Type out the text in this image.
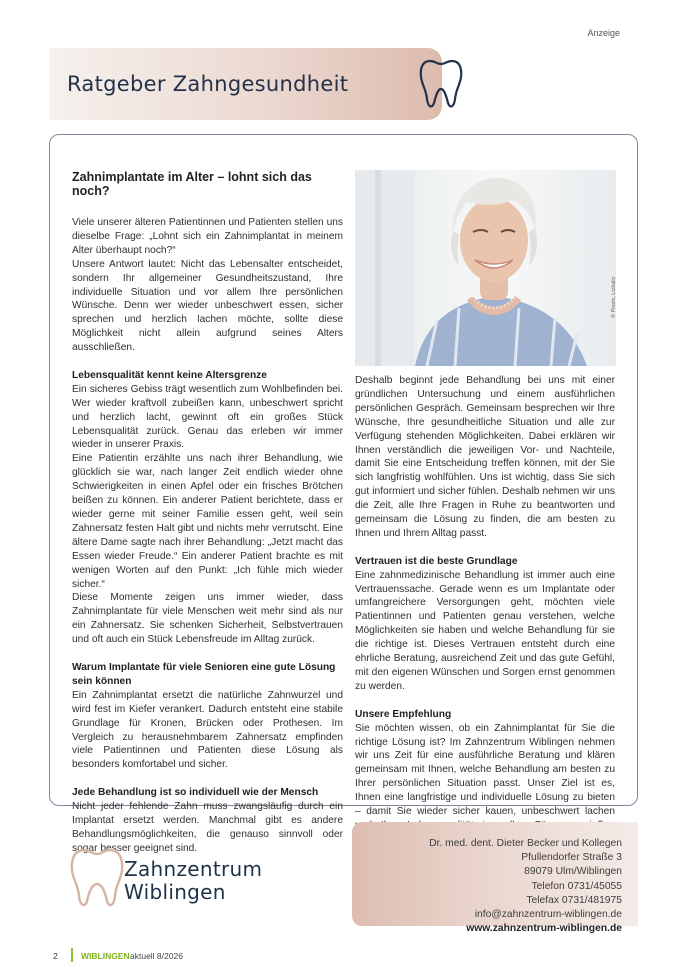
Anzeige
Ratgeber Zahngesundheit
Zahnimplantate im Alter – lohnt sich das noch?
Viele unserer älteren Patientinnen und Patienten stellen uns dieselbe Frage: „Lohnt sich ein Zahnimplantat in meinem Alter überhaupt noch?“
Unsere Antwort lautet: Nicht das Lebensalter entscheidet, sondern Ihr allgemeiner Gesundheitszustand, Ihre individuelle Situation und vor allem Ihre persönlichen Wünsche. Denn wer wieder unbeschwert essen, sicher sprechen und herzlich lachen möchte, sollte diese Möglichkeit nicht allein aufgrund seines Alters ausschließen.
Lebensqualität kennt keine Altersgrenze
Ein sicheres Gebiss trägt wesentlich zum Wohlbefinden bei. Wer wieder kraftvoll zubeißen kann, unbeschwert spricht und herzlich lacht, gewinnt oft ein großes Stück Lebensqualität zurück. Genau das erleben wir immer wieder in unserer Praxis.
Eine Patientin erzählte uns nach ihrer Behandlung, wie glücklich sie war, nach langer Zeit endlich wieder ohne Schwierigkeiten in einen Apfel oder ein frisches Brötchen beißen zu können. Ein anderer Patient berichtete, dass er wieder gerne mit seiner Familie essen geht, weil sein Zahnersatz festen Halt gibt und nichts mehr verrutscht. Eine ältere Dame sagte nach ihrer Behandlung: „Jetzt macht das Essen wieder Freude.“ Ein anderer Patient brachte es mit wenigen Worten auf den Punkt: „Ich fühle mich wieder sicher.“
Diese Momente zeigen uns immer wieder, dass Zahnimplantate für viele Menschen weit mehr sind als nur ein Zahnersatz. Sie schenken Sicherheit, Selbstvertrauen und oft auch ein Stück Lebensfreude im Alltag zurück.
Warum Implantate für viele Senioren eine gute Lösung sein können
Ein Zahnimplantat ersetzt die natürliche Zahnwurzel und wird fest im Kiefer verankert. Dadurch entsteht eine stabile Grundlage für Kronen, Brücken oder Prothesen. Im Vergleich zu herausnehmbarem Zahnersatz empfinden viele Patientinnen und Patienten diese Lösung als besonders komfortabel und sicher.
Jede Behandlung ist so individuell wie der Mensch
Nicht jeder fehlende Zahn muss zwangsläufig durch ein Implantat ersetzt werden. Manchmal gibt es andere Behandlungsmöglichkeiten, die genauso sinnvoll oder sogar besser geeignet sind.
© Pixels, Lizkaliz
Deshalb beginnt jede Behandlung bei uns mit einer gründlichen Untersuchung und einem ausführlichen persönlichen Gespräch. Gemeinsam besprechen wir Ihre Wünsche, Ihre gesundheitliche Situation und alle zur Verfügung stehenden Möglichkeiten. Dabei erklären wir Ihnen verständlich die jeweiligen Vor- und Nachteile, damit Sie eine Entscheidung treffen können, mit der Sie sich langfristig wohlfühlen. Uns ist wichtig, dass Sie sich gut informiert und sicher fühlen. Deshalb nehmen wir uns die Zeit, alle Ihre Fragen in Ruhe zu beantworten und gemeinsam die Lösung zu finden, die am besten zu Ihnen und Ihrem Alltag passt.
Vertrauen ist die beste Grundlage
Eine zahnmedizinische Behandlung ist immer auch eine Vertrauenssache. Gerade wenn es um Implantate oder umfangreichere Versorgungen geht, möchten viele Patientinnen und Patienten genau verstehen, welche Möglichkeiten sie haben und welche Behandlung für sie die richtige ist. Dieses Vertrauen entsteht durch eine ehrliche Beratung, ausreichend Zeit und das gute Gefühl, mit den eigenen Wünschen und Sorgen ernst genommen zu werden.
Unsere Empfehlung
Sie möchten wissen, ob ein Zahnimplantat für Sie die richtige Lösung ist? Im Zahnzentrum Wiblingen nehmen wir uns Zeit für eine ausführliche Beratung und klären gemeinsam mit Ihnen, welche Behandlung am besten zu Ihrer persönlichen Situation passt. Unser Ziel ist es, Ihnen eine langfristige und individuelle Lösung zu bieten – damit Sie wieder sicher kauen, unbeschwert lachen
Zahnzentrum
Wiblingen
Dr. med. dent. Dieter Becker und Kollegen
Pfullendorfer Straße 3
89079 Ulm/Wiblingen
Telefon 0731/45055
Telefax 0731/481975
info@zahnzentrum-wiblingen.de
www.zahnzentrum-wiblingen.de
2	WIBLINGEN aktuell 8/2026
